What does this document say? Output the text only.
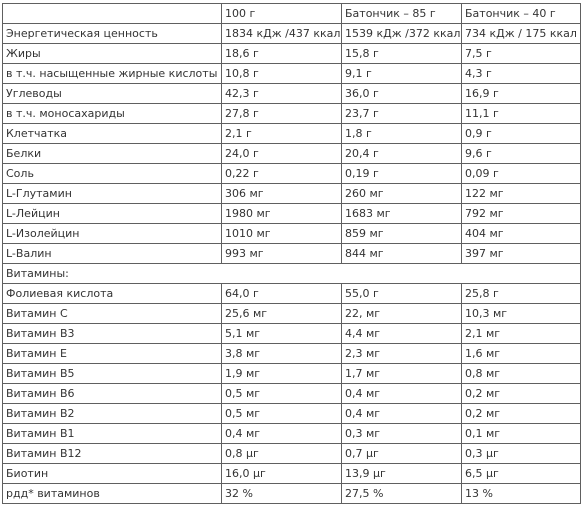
	100 г	Батончик – 85 г	Батончик – 40 г
Энергетическая ценность	1834 кДж /437 ккал	1539 кДж /372 ккал	734 кДж / 175 ккал
Жиры	18,6 г	15,8 г	7,5 г
в т.ч. насыщенные жирные кислоты	10,8 г	9,1 г	4,3 г
Углеводы	42,3 г	36,0 г	16,9 г
в т.ч. моносахариды	27,8 г	23,7 г	11,1 г
Клетчатка	2,1 г	1,8 г	0,9 г
Белки	24,0 г	20,4 г	9,6 г
Соль	0,22 г	0,19 г	0,09 г
L-Глутамин	306 мг	260 мг	122 мг
L-Лейцин	1980 мг	1683 мг	792 мг
L-Изолейцин	1010 мг	859 мг	404 мг
L-Валин	993 мг	844 мг	397 мг
Витамины:			
Фолиевая кислота	64,0 г	55,0 г	25,8 г
Витамин С	25,6 мг	22, мг	10,3 мг
Витамин B3	5,1 мг	4,4 мг	2,1 мг
Витамин E	3,8 мг	2,3 мг	1,6 мг
Витамин B5	1,9 мг	1,7 мг	0,8 мг
Витамин B6	0,5 мг	0,4 мг	0,2 мг
Витамин B2	0,5 мг	0,4 мг	0,2 мг
Витамин B1	0,4 мг	0,3 мг	0,1 мг
Витамин B12	0,8 μг	0,7 μг	0,3 μг
Биотин	16,0 μг	13,9 μг	6,5 μг
рдд* витаминов	32 %	27,5 %	13 %
